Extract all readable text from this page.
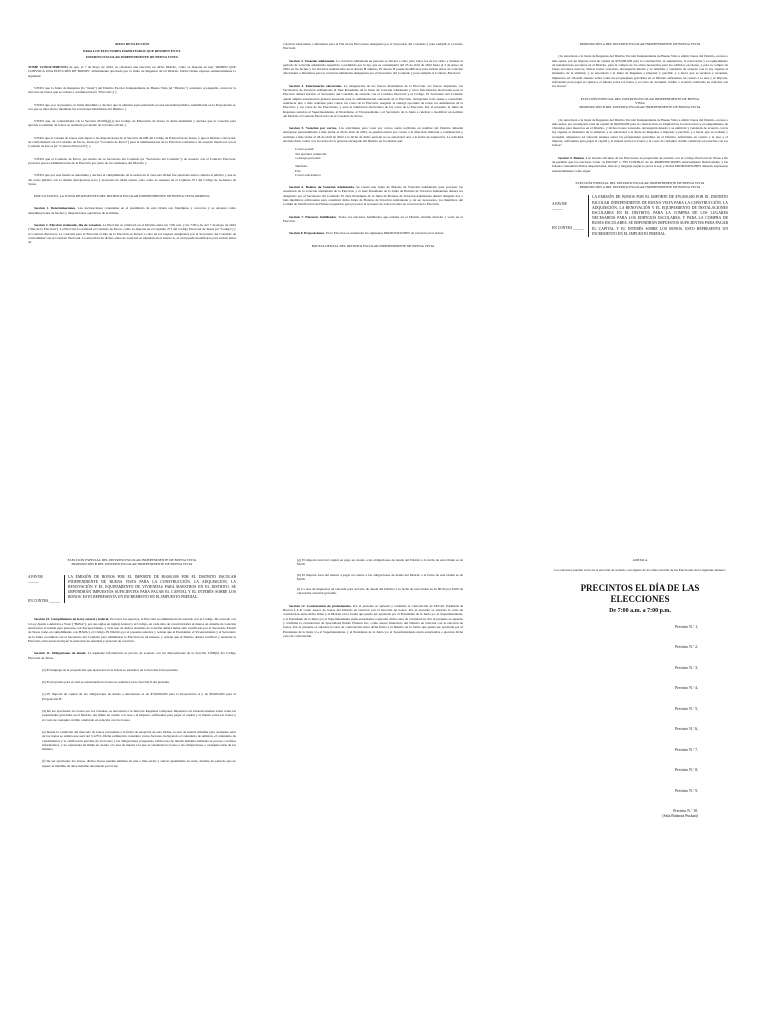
AVISO DE ELECCIÓN

PARA LOS ELECTORES HABILITADOS QUE RESIDEN EN EL

DISTRITO ESCOLAR INDEPENDIENTE DE BUENA VISTA

TOME CONOCIMIENTO de que, el 7 de mayo de 2022, se celebrará una elección en dicho Distrito, como se dispone en una "ORDEN QUE CONVOCA UNA ELECCIÓN DE BONOS" debidamente aprobada por la Junta de Regentes de tal Distrito. Dicha Orden expresa sustancialmente lo siguiente:

VISTO que la Junta de Regentes (la "Junta") del Distrito Escolar Independiente de Buena Vista (el "Distrito") considera aconsejable convocar la elección de bonos que se ordena a continuación (la "Elección"); y

VISTO que, por el presente, la Junta determina y declara que la emisión aquí autorizada es una necesidad pública, identificada en la Proposición A, a la que se dará efecto mediante las votaciones habilitadas del Distrito; y

VISTO que, de conformidad con la Sección 45.003(g)(1) del Código de Educación de Texas, la Junta determina y declara que la votación para aprobar la emisión de bonos se realizará por medio de la boleta oficial; y

VISTO que el votante de bonos está sujeto a las disposiciones de la Sección 43.008 del Código de Educación de Texas, y que el Distrito convocará, de conformidad con el Condado de Pecos, Texas (el "Condado de Pecos") para la administración de la Elección conforme a un acuerdo interlocal con el Condado de Pecos (el "Contrato Electoral"); y

VISTO que el Condado de Pecos, por medio de su Secretario del Condado (el "Secretario del Condado"), de acuerdo con el Contrato Electoral, proveerá para la administración de la Elección por parte de los residentes del Distrito; y

VISTO que por este medio se determina y declara el cumplimiento de la sesión en la cual esta Orden fue aprobada estuvo abierta al público y que se dio aviso público con la debida anticipación, hora y propósito de dicha sesión, todo como se requiere en el Capítulo 551 del Código de Gobierno de Texas.

POR LO TANTO, LA JUNTA DE REGENTES DEL DISTRITO ESCOLAR INDEPENDIENTE DE BUENA VISTA ORDENA:

Sección 1. Determinaciones. Las declaraciones contenidas en el preámbulo de esta Orden son fidedignas y correctas y se adoptan como determinaciones de hechos y disposiciones operativas de la misma.

Sección 2. Elección ordenada; día de votación. La Elección se celebrará en el Distrito entre las 7:00 a.m. y las 7:00 p.m. del 7 de mayo de 2022 ("Día de la Elección"). La Elección la realizará el Condado de Pecos, como se dispone en el Capítulo 271 del Código Electoral de Texas (el "Código") y el Contrato Electoral. La votación para la Elección el Día de la Elección se llevará a cabo en los lugares designados por el Secretario del Condado de conformidad con el Contrato Electoral. La ubicación de dichos sitios de votación se adjuntan en el Anexo A, el cual puede modificarse para incluir sitios de

votación adicionales o diferentes para el Día de las Elecciones designado por el Secretario del Condado y para cumplir el Contrato Electoral.

Sección 3. Votación adelantada. La votación adelantada en persona se llevará a cabo para todos los en los sitios y durante el período de votación adelantada requerido o permitido por la ley, que se contemplará del 25 de abril de 2022 hasta el 3 de mayo de 2022 en las fechas y los horarios establecidos en el Anexo B adjunto. El Anexo B puede modificarse para incluir sitios de votación adicionales o diferentes para la votación adelantada designados por el Secretario del Condado y para cumplir el Contrato Electoral.

Sección 4. Funcionarios electorales. La designación de los Jueces Presidentes de la Elección, los Jueces Suplentes, los Secretarios de Votación Adelantada, el Juez Presidente de la Junta de votación adelantada y otros funcionarios electorales para la Elección deberá hacerlo el Secretario del Condado de acuerdo con el Contrato Electoral y el Código. El Secretario del Condado queda amplia autorización general necesaria para la administración adecuada de la Elección, incluyendo todo ajuste a consolidar, establecer uno o más centrales para contar los votos de la Elección, asegurar la entrega oportuna de todos los suministros de la Elección, y los votos de las Elecciones, y para la tabulación electrónica de los votos de la Elección. Por el presente, la Junta de Regentes autoriza al Superintendente, al Presidente, al Vicepresidente o al Secretario de la Junta a celebrar o modificar un nombre del Distrito el Contrato Electoral con el Condado de Pecos.

Sección 5. Votación por correo. Las solicitudes para votar por correo serán recibidas en nombre del Distrito deberán entregarse personalmente a más tardar el 26 de abril de 2022, se pueden enviar por correo a la dirección indicada a continuación y recibirse a más tardar el 26 de abril de 2022 a la dicha de dicho período no se autorizará otra a la fecha de expiración. La solicitud enviada debe contar con los datos de la persona encargada del Distrito en la entidad que:

Correo postal:
Tax apertura comercial
o entrega personal:
Teléfono:
Fax:
Correo electrónico:

Sección 6. Boletas de Votación Adelantada. Se creará una Junta de Boletas de Votación Adelantada para procesar los resultados de la votación adelantada de la Elección, y el Juez Presidente de la Junta de Boletas de Votación Adelantada deberá ser designado por el Secretario del Condado. El Juez Presidente de la Junta de Boletas de Votación Adelantada deberá designar dos o más miembros adicionales para constituir dicha Junta de Boletas de Votación Adelantada y, de ser necesarios, los miembros del Comité de Verificación de Firmas requeridos para procesar el recuento de toda la boleta de votación de la Elección.

Sección 7. Electores habilitados. Todos los electores habilitados que residen en el Distrito tendrán derecho a votar en la Elección.

Sección 8. Proposiciones. En la Elección se someterán las siguientes PROPOSICIONES de votación en la boleta:

BOLETA OFICIAL DEL DISTRITO ESCOLAR INDEPENDIENTE DE BUENA VISTA

PROPOSICIÓN A DEL DISTRITO ESCOLAR INDEPENDIENTE DE BUENA VISTA

¿Se autorizará a la Junta de Regentes del Distrito Escolar Independiente de Buena Vista a emitir bonos del Distrito, en una o más series, por un importe total de capital de $76,000,000 para la construcción, la adquisición, la renovación y el equipamiento de instalaciones escolares en el Distrito, para la compra de los sitios necesarios para los edificios escolares, y para la compra de buses escolares nuevos; dichos bonos vencerán, devengarán interés y se emitirán y venderán de acuerdo con la ley vigente al momento de la emisión; y se autorizará a la Junta de Regentes a imponer y percibir, y a hacer que se recaben y recauden, impuestos ad valorem anuales sobre todas las propiedades gravables en el Distrito suficientes en cuanto a la tasa y el importe, suficientes para pagar el capital y el interés sobre los bonos y el costo de cualquier crédito o acuerdo celebrado en relación con los bonos?

ELECCIÓN ESPECIAL DEL DISTRITO ESCOLAR INDEPENDIENTE DE BUENA

VISTA

PROPOSICIÓN B DEL DISTRITO ESCOLAR INDEPENDIENTE DE BUENA VISTA

¿Se autorizará a la Junta de Regentes del Distrito Escolar Independiente de Buena Vista a emitir bonos del Distrito, en una o más series, por un importe total de capital de $9,000,000 para la construcción, la adquisición, la renovación y el equipamiento de viviendas para maestros en el Distrito, y dichos bonos vencerán, devengarán interés y se emitirán y venderán de acuerdo con la ley vigente al momento de la emisión, y se autorizará a la Junta de Regentes a imponer y percibir, y a hacer que se evalúen y recauden, impuestos ad valorem anuales sobre las propiedades gravables en el Distrito, suficientes en cuanto a la tasa y el importe, suficientes para pagar el capital y el interés sobre los bonos y el costo de cualquier crédito celebrado en relación con los bonos?

Sección 9. Boletas. Las boletas oficiales de las Elecciones se prepararán de acuerdo con el Código Electoral de Texas a fin de permitir que los electores voten "A FAVOR" o "EN CONTRA" de las PROPOSICIONES anteriormente mencionadas, y las boletas contendrán dichas disposiciones, marcas y lenguaje según lo prevé la ley, y dichas PROPOSICIONES deberán expresarse sustancialmente como sigue:

ELECCIÓN ESPECIAL DEL DISTRITO ESCOLAR INDEPENDIENTE DE BUENA VISTA

PROPOSICIÓN A DEL DISTRITO ESCOLAR INDEPENDIENTE DE BUENA VISTA

A FAVOR
______
EN CONTRA ______
LA EMISIÓN DE BONOS POR EL IMPORTE DE $76,000,000 POR EL DISTRITO ESCOLAR INDEPENDIENTE DE BUENA VISTA PARA LA CONSTRUCCIÓN, LA ADQUISICIÓN, LA RENOVACIÓN Y EL EQUIPAMIENTO DE INSTALACIONES ESCOLARES EN EL DISTRITO, PARA LA COMPRA DE LOS LUGARES NECESARIOS PARA LOS EDIFICIOS ESCOLARES, Y PARA LA COMPRA DE BUSES ESCOLARES. SE IMPONDRÁN IMPUESTOS SUFICIENTES PARA PAGAR EL CAPITAL Y EL INTERÉS SOBRE LOS BONOS. ESTO REPRESENTA UN INCREMENTO EN EL IMPUESTO PREDIAL.

ELECCIÓN ESPECIAL DEL DISTRITO ESCOLAR INDEPENDIENTE DE BUENA VISTA

PROPOSICIÓN B DEL DISTRITO ESCOLAR INDEPENDIENTE DE BUENA VISTA

A FAVOR
______
EN CONTRA ______
LA EMISIÓN DE BONOS POR EL IMPORTE DE $9,000,000 POR EL DISTRITO ESCOLAR INDEPENDIENTE DE BUENA VISTA PARA LA CONSTRUCCIÓN, LA ADQUISICIÓN, LA RENOVACIÓN Y EL EQUIPAMIENTO DE VIVIENDAS PARA MAESTROS EN EL DISTRITO. SE IMPONDRÁN IMPUESTOS SUFICIENTES PARA PAGAR EL CAPITAL Y EL INTERÉS SOBRE LOS BONOS. ESTO REPRESENTA UN INCREMENTO EN EL IMPUESTO PREDIAL.

Sección 10. Cumplimiento de la ley estatal y federal. En todos los aspectos, la Elección se administrará de acuerdo con el Código. De acuerdo con la Ley Ayuda a América a Votar ("HAVA"), por sus siglas en inglés) federal y el Código, en cada sitio de votación habrá al menos un sistema de votación electrónica accesible para personas con discapacidades, y cada uno de dichos sistemas de votación deberá haber sido certificado por el Secretario Estatal de Texas como en cumplimiento con HAVA y el Código. El Distrito por el presente autoriza y ordena que el Presidente, el Vicepresidente y el Secretario de la Junta coordinen con el Secretario del Condado para administrar la Elección en tal manera, y ordena que el Distrito deberá certificar y anunciar la Elección, tales tareas incluyen la selección de sistemas y personal de votación.

Sección 11. Obligaciones de deuda. La siguiente información se provee de acuerdo con las disposiciones de la Sección 3.009(b) del Código Electoral de Texas.

(a) El lenguaje de la proposición que aparecerá en la boleta se establece en la Sección 9 del presente.

(b) El propósito para el cual se autorizarán los bonos se establece en la Sección 8 del presente.

(c) El importe de capital de las obligaciones de deuda a autorizarse es de $76,000,000 para la Proposición A y de $9,000,000 para la Proposición B.

(d) De ser aprobados los bonos por los votantes, se autorizará a la Junta de Regentes a imponer impuestos ad valorem anuales sobre todas las propiedades gravables en el Distrito, sin límite en cuanto a la tasa o al importe, suficientes para pagar el capital y el interés sobre los bonos y el costo de cualquier crédito celebrado en relación con los bonos.

(e) Desde la condición del mercado de bonos prevalente a la fecha de adopción de esta Orden, la tasa de interés máxima para cualquier serie de los bonos se estima que será del 3.125%. Dicha estimación considera varios factores, incluyendo el calendario de emisión, el calendario de vencimientos y la calificación prevista de los bonos y las obligaciones propuestas. Dicha tasa de interés máxima estimada se provee con fines informativos, y no representa un límite en cuanto a la tasa de interés a la que se venderán los bonos o las obligaciones, o cualquier serie de los mismos.

(f) De ser aprobados los bonos, dichos bonos pueden emitirse en una o más series y vencer igualmente en serie, durante un período que no supere el máximo de años máximo autorizado por la ley.

(g) El importe total del capital en pago en cuanto a las obligaciones de deuda del Distrito a la fecha de esta Orden es de $0.00.

(h) El importe total del interés a pagar en cuanto a las obligaciones de deuda del Distrito a la fecha de esta Orden es de $0.00.

(i) La tasa de impuestos ad valorem para servicio de deuda del Distrito a la fecha de esta Orden es de $0.00 por $100 de valoración catastral gravable.

Sección 12. Contratación de profesionales. Por el presente se aprueba y confirma la contratación de McCall, Parkhurst & Horton L.L.P. como asesor de bonos del Distrito en relación con la elección de bonos. Por el presente se autoriza la carta de contratación entre dicha firma y el Distrito en la forma que pueda ser aprobada por el Presidente de la Junta y/o el Superintendente, y el Presidente de la Junta y/o el Superintendente están autorizados a ejecutar dicha carta de contratación. Por el presente se aprueba y confirma la contratación de Specialized Public Finance Inc. como asesor financiero del Distrito en relación con la elección de bonos. Por el presente se autoriza la carta de contratación entre dicha firma y el Distrito en la forma que pueda ser aprobada por el Presidente de la Junta y/o el Superintendente, y el Presidente de la Junta y/o el Superintendente están autorizados a ejecutar dicha carta de contratación.

ANEXO A

Los electores pueden votar en la elección de acuerdo con alguno de los sitios del Día de las Elecciones de la siguiente manera:

PRECINTOS EL DÍA DE LAS ELECCIONES
De 7:00 a.m. a 7:00 p.m.
Precinto N.º 1,
Precinto N.º 2,
Precinto N.º 3,
Precinto N.º 4,
Precinto N.º 5,
Precinto N.º 6,
Precinto N.º 7,
Precinto N.º 8,
Precinto N.º 9,
Precinto N.º 10,
(Sala Bahnota Puskatt)
